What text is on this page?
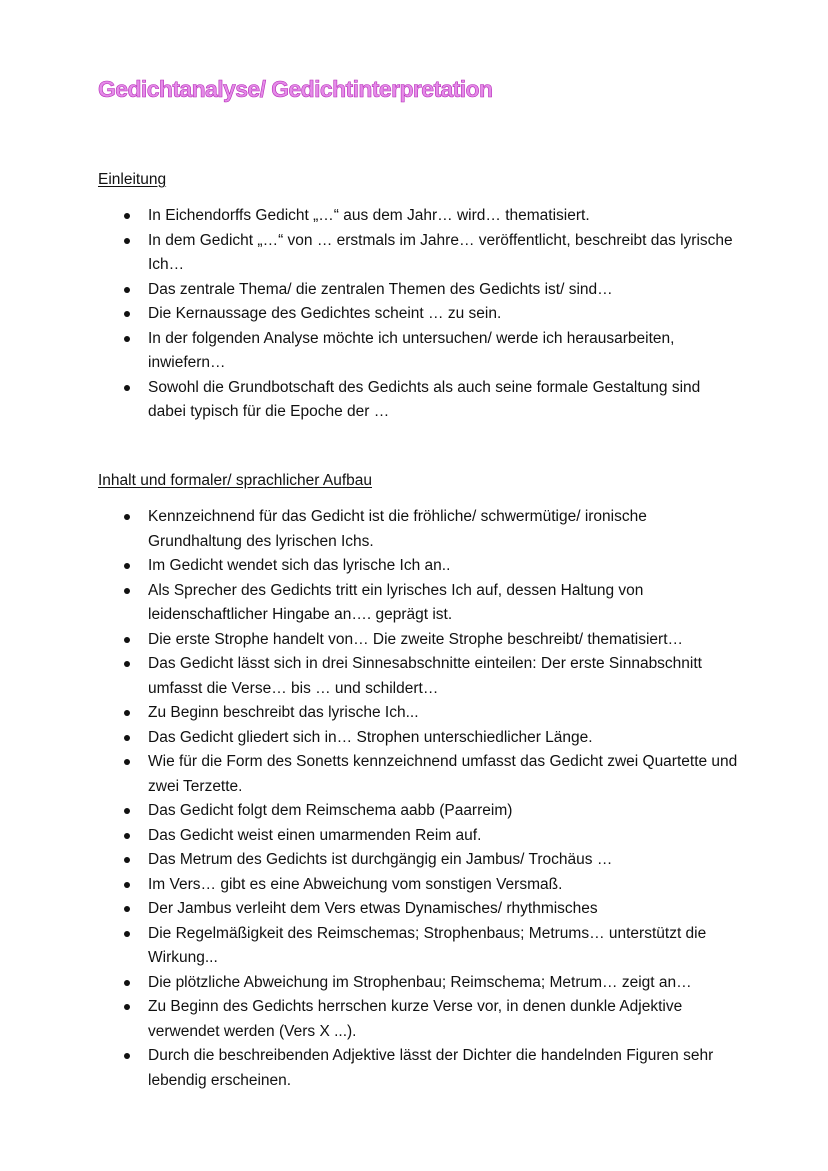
Gedichtanalyse/ Gedichtinterpretation
Einleitung
In Eichendorffs Gedicht „…“ aus dem Jahr… wird… thematisiert.
In dem Gedicht „…“ von … erstmals im Jahre… veröffentlicht, beschreibt das lyrische Ich…
Das zentrale Thema/ die zentralen Themen des Gedichts ist/ sind…
Die Kernaussage des Gedichtes scheint … zu sein.
In der folgenden Analyse möchte ich untersuchen/ werde ich herausarbeiten, inwiefern…
Sowohl die Grundbotschaft des Gedichts als auch seine formale Gestaltung sind dabei typisch für die Epoche der …
Inhalt und formaler/ sprachlicher Aufbau
Kennzeichnend für das Gedicht ist die fröhliche/ schwermütige/ ironische Grundhaltung des lyrischen Ichs.
Im Gedicht wendet sich das lyrische Ich an..
Als Sprecher des Gedichts tritt ein lyrisches Ich auf, dessen Haltung von leidenschaftlicher Hingabe an…. geprägt ist.
Die erste Strophe handelt von… Die zweite Strophe beschreibt/ thematisiert…
Das Gedicht lässt sich in drei Sinnesabschnitte einteilen: Der erste Sinnabschnitt umfasst die Verse… bis … und schildert…
Zu Beginn beschreibt das lyrische Ich...
Das Gedicht gliedert sich in… Strophen unterschiedlicher Länge.
Wie für die Form des Sonetts kennzeichnend umfasst das Gedicht zwei Quartette und zwei Terzette.
Das Gedicht folgt dem Reimschema aabb (Paarreim)
Das Gedicht weist einen umarmenden Reim auf.
Das Metrum des Gedichts ist durchgängig ein Jambus/ Trochäus …
Im Vers… gibt es eine Abweichung vom sonstigen Versmaß.
Der Jambus verleiht dem Vers etwas Dynamisches/ rhythmisches
Die Regelmäßigkeit des Reimschemas; Strophenbaus; Metrums… unterstützt die Wirkung...
Die plötzliche Abweichung im Strophenbau; Reimschema; Metrum… zeigt an…
Zu Beginn des Gedichts herrschen kurze Verse vor, in denen dunkle Adjektive verwendet werden (Vers X ...).
Durch die beschreibenden Adjektive lässt der Dichter die handelnden Figuren sehr lebendig erscheinen.
